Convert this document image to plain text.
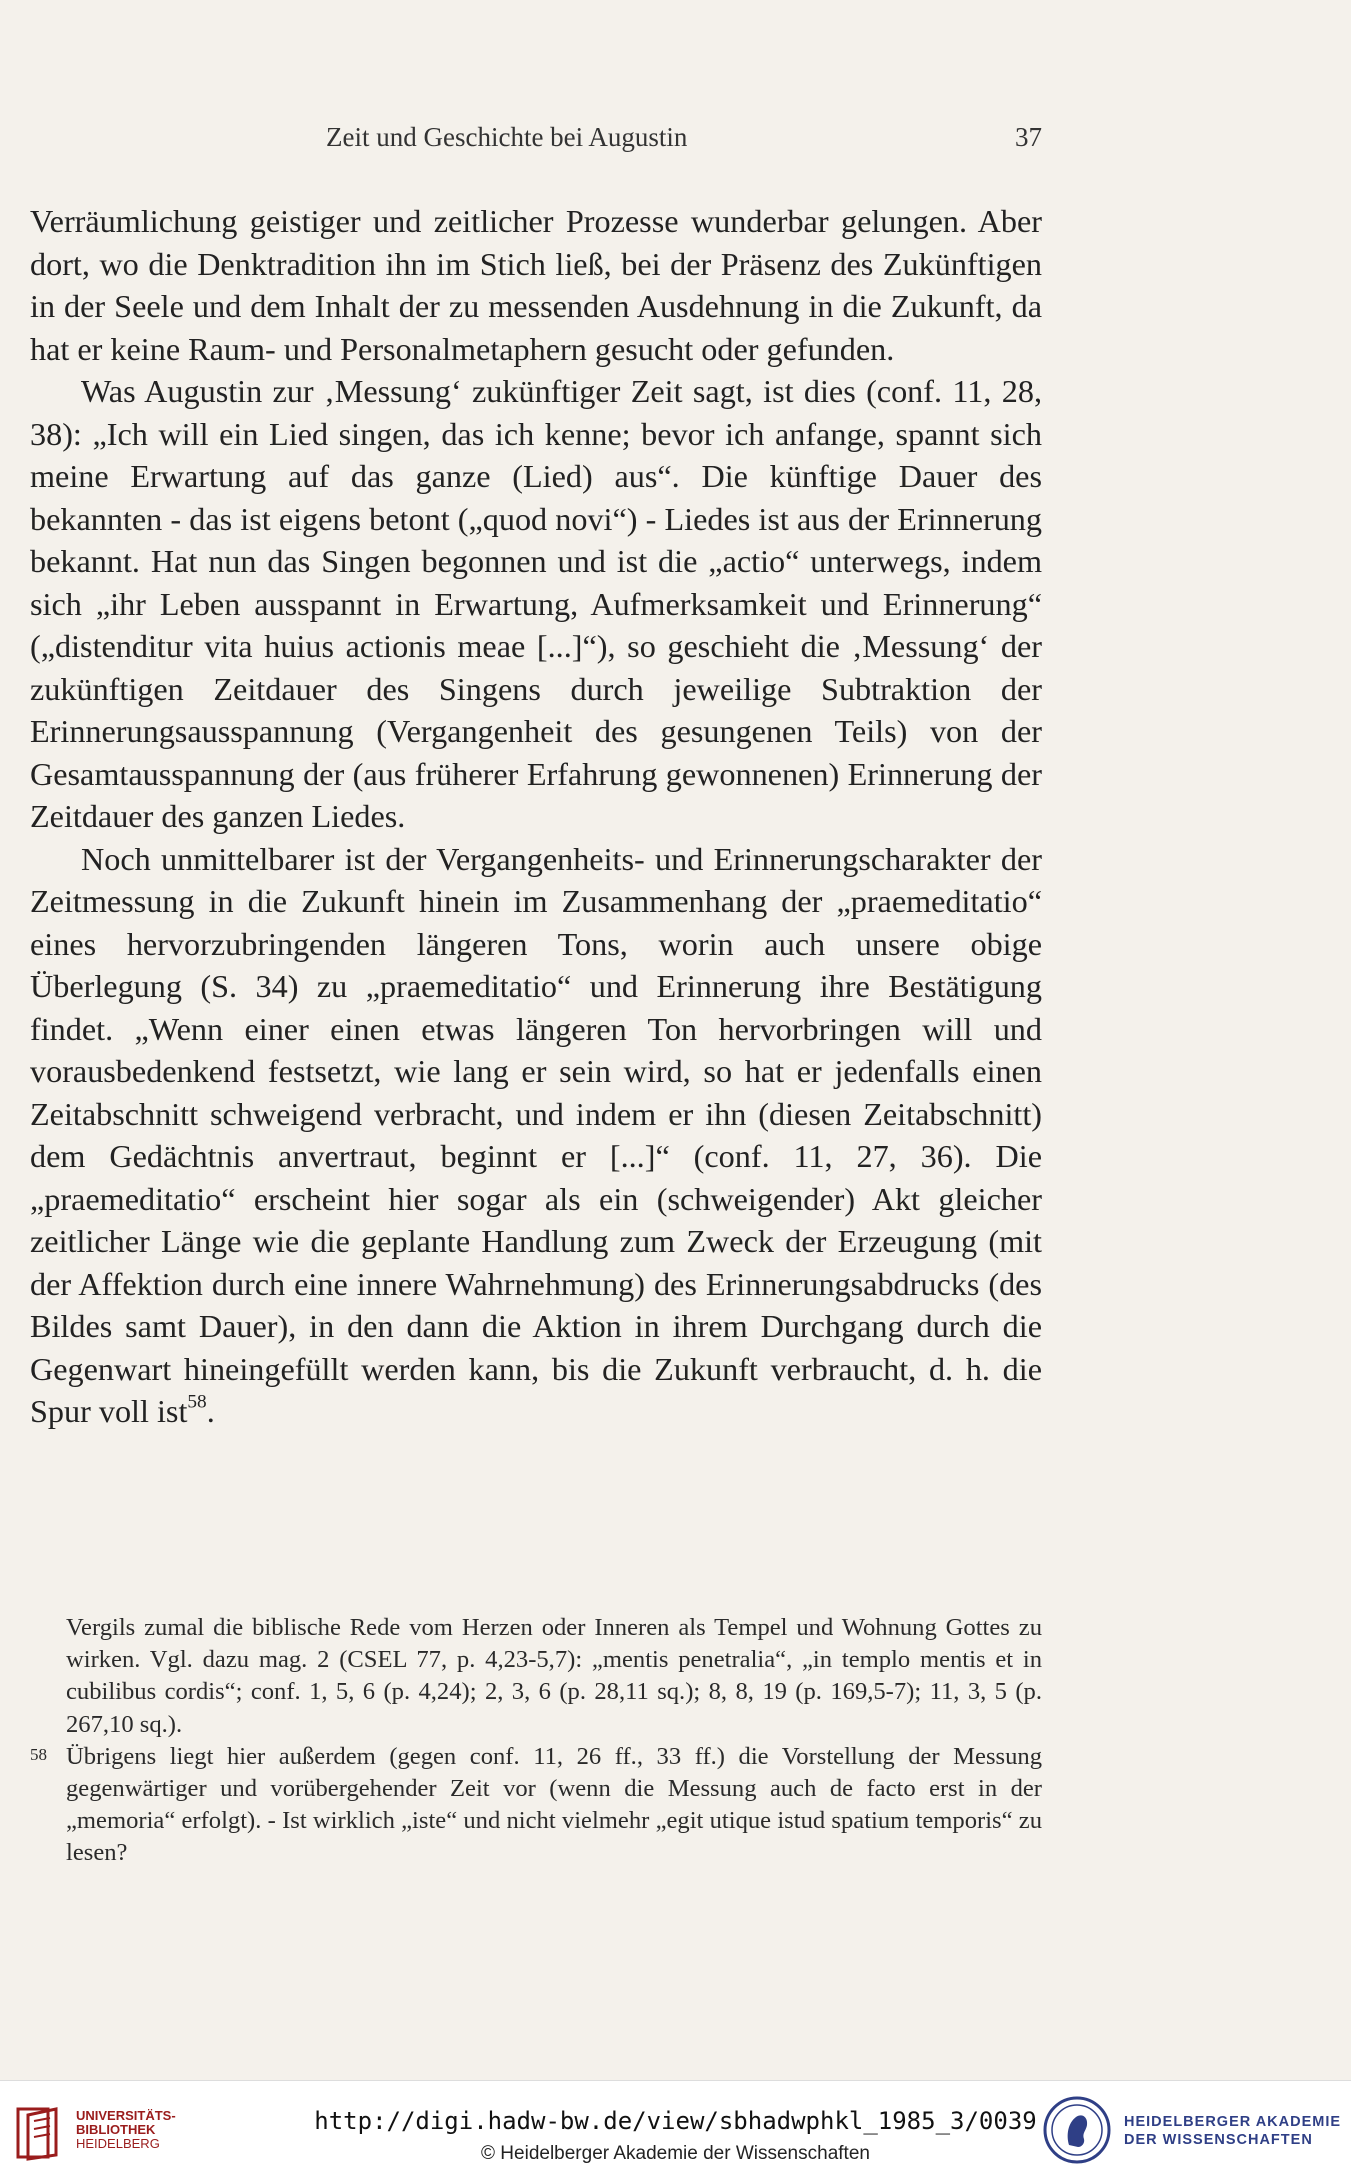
Zeit und Geschichte bei Augustin	37

Verräumlichung geistiger und zeitlicher Prozesse wunderbar gelungen. Aber dort, wo die Denktradition ihn im Stich ließ, bei der Präsenz des Zukünftigen in der Seele und dem Inhalt der zu messenden Ausdehnung in die Zukunft, da hat er keine Raum- und Personalmetaphern gesucht oder gefunden.

Was Augustin zur ‚Messung‘ zukünftiger Zeit sagt, ist dies (conf. 11, 28, 38): „Ich will ein Lied singen, das ich kenne; bevor ich anfange, spannt sich meine Erwartung auf das ganze (Lied) aus“. Die künftige Dauer des bekannten - das ist eigens betont („quod novi“) - Liedes ist aus der Erinnerung bekannt. Hat nun das Singen begonnen und ist die „actio“ unterwegs, indem sich „ihr Leben ausspannt in Erwartung, Aufmerksamkeit und Erinnerung“ („distenditur vita huius actionis meae [...]“), so geschieht die ‚Messung‘ der zukünftigen Zeitdauer des Singens durch jeweilige Subtraktion der Erinnerungsausspannung (Vergangenheit des gesungenen Teils) von der Gesamtausspannung der (aus früherer Erfahrung gewonnenen) Erinnerung der Zeitdauer des ganzen Liedes.

Noch unmittelbarer ist der Vergangenheits- und Erinnerungscharakter der Zeitmessung in die Zukunft hinein im Zusammenhang der „praemeditatio“ eines hervorzubringenden längeren Tons, worin auch unsere obige Überlegung (S. 34) zu „praemeditatio“ und Erinnerung ihre Bestätigung findet. „Wenn einer einen etwas längeren Ton hervorbringen will und vorausbedenkend festsetzt, wie lang er sein wird, so hat er jedenfalls einen Zeitabschnitt schweigend verbracht, und indem er ihn (diesen Zeitabschnitt) dem Gedächtnis anvertraut, beginnt er [...]“ (conf. 11, 27, 36). Die „praemeditatio“ erscheint hier sogar als ein (schweigender) Akt gleicher zeitlicher Länge wie die geplante Handlung zum Zweck der Erzeugung (mit der Affektion durch eine innere Wahrnehmung) des Erinnerungsabdrucks (des Bildes samt Dauer), in den dann die Aktion in ihrem Durchgang durch die Gegenwart hineingefüllt werden kann, bis die Zukunft verbraucht, d. h. die Spur voll ist$^{58}$.

Vergils zumal die biblische Rede vom Herzen oder Inneren als Tempel und Wohnung Gottes zu wirken. Vgl. dazu mag. 2 (CSEL 77, p. 4,23-5,7): „mentis penetralia“, „in templo mentis et in cubilibus cordis“; conf. 1, 5, 6 (p. 4,24); 2, 3, 6 (p. 28,11 sq.); 8, 8, 19 (p. 169,5-7); 11, 3, 5 (p. 267,10 sq.).

58 Übrigens liegt hier außerdem (gegen conf. 11, 26 ff., 33 ff.) die Vorstellung der Messung gegenwärtiger und vorübergehender Zeit vor (wenn die Messung auch de facto erst in der „memoria“ erfolgt). - Ist wirklich „iste“ und nicht vielmehr „egit utique istud spatium temporis“ zu lesen?

UNIVERSITÄTS-
BIBLIOTHEK
HEIDELBERG
http://digi.hadw-bw.de/view/sbhadwphkl_1985_3/0039
© Heidelberger Akademie der Wissenschaften
HEIDELBERGER AKADEMIE
DER WISSENSCHAFTEN
